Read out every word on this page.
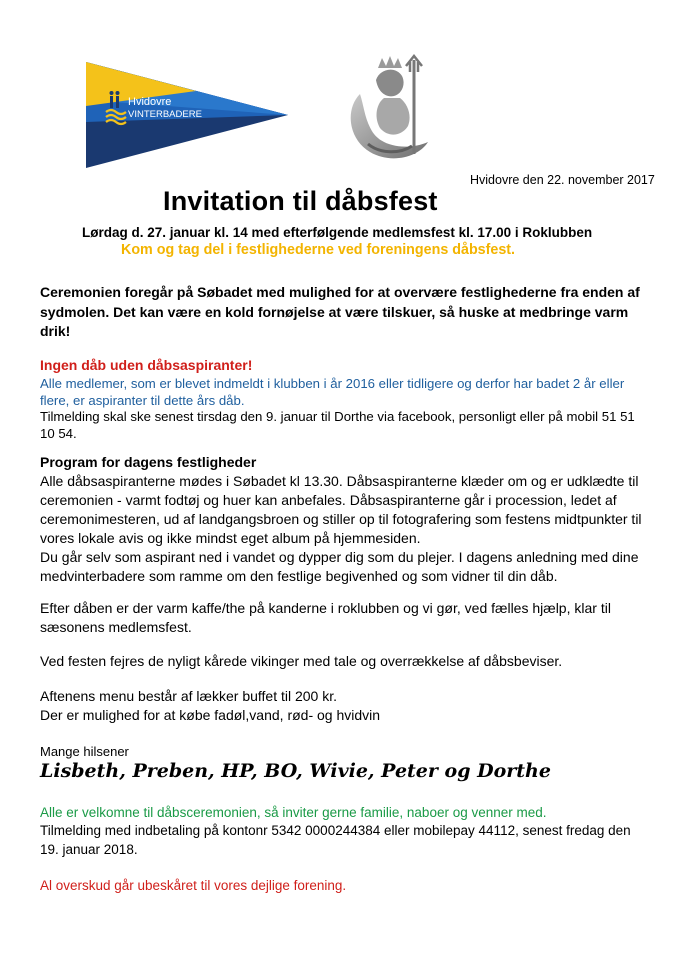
Hvidovre
VINTERBADERE
Hvidovre den 22. november 2017
Invitation til dåbsfest
Lørdag d. 27. januar kl. 14 med efterfølgende medlemsfest kl. 17.00 i Roklubben
Kom og tag del i festlighederne ved foreningens dåbsfest.
Ceremonien foregår på Søbadet med mulighed for at overvære festlighederne fra enden af sydmolen. Det kan være en kold fornøjelse at være tilskuer, så huske at medbringe varm drik!
Ingen dåb uden dåbsaspiranter!
Alle medlemer, som er blevet indmeldt i klubben i år 2016 eller tidligere og derfor har badet 2 år eller flere, er aspiranter til dette års dåb.
Tilmelding skal ske senest tirsdag den 9. januar til Dorthe via facebook, personligt eller på mobil 51 51 10 54.
Program for dagens festligheder
Alle dåbsaspiranterne mødes i Søbadet kl 13.30. Dåbsaspiranterne klæder om og er udklædte til ceremonien - varmt fodtøj og huer kan anbefales. Dåbsaspiranterne går i procession, ledet af ceremonimesteren, ud af landgangsbroen og stiller op til fotografering som festens midtpunkter til vores lokale avis og ikke mindst eget album på hjemmesiden.
Du går selv som aspirant ned i vandet og dypper dig som du plejer. I dagens anledning med dine medvinterbadere som ramme om den festlige begivenhed og som vidner til din dåb.
Efter dåben er der varm kaffe/the på kanderne i roklubben og vi gør, ved fælles hjælp, klar til sæsonens medlemsfest.
Ved festen fejres de nyligt kårede vikinger med tale og overrækkelse af dåbsbeviser.
Aftenens menu består af lækker buffet til 200 kr.
Der er mulighed for at købe fadøl,vand, rød- og hvidvin
Mange hilsener
Lisbeth, Preben, HP, BO, Wivie, Peter og Dorthe
Alle er velkomne til dåbsceremonien, så inviter gerne familie, naboer og venner med.
Tilmelding med indbetaling på kontonr 5342 0000244384 eller mobilepay 44112, senest fredag den 19. januar 2018.
Al overskud går ubeskåret til vores dejlige forening.
